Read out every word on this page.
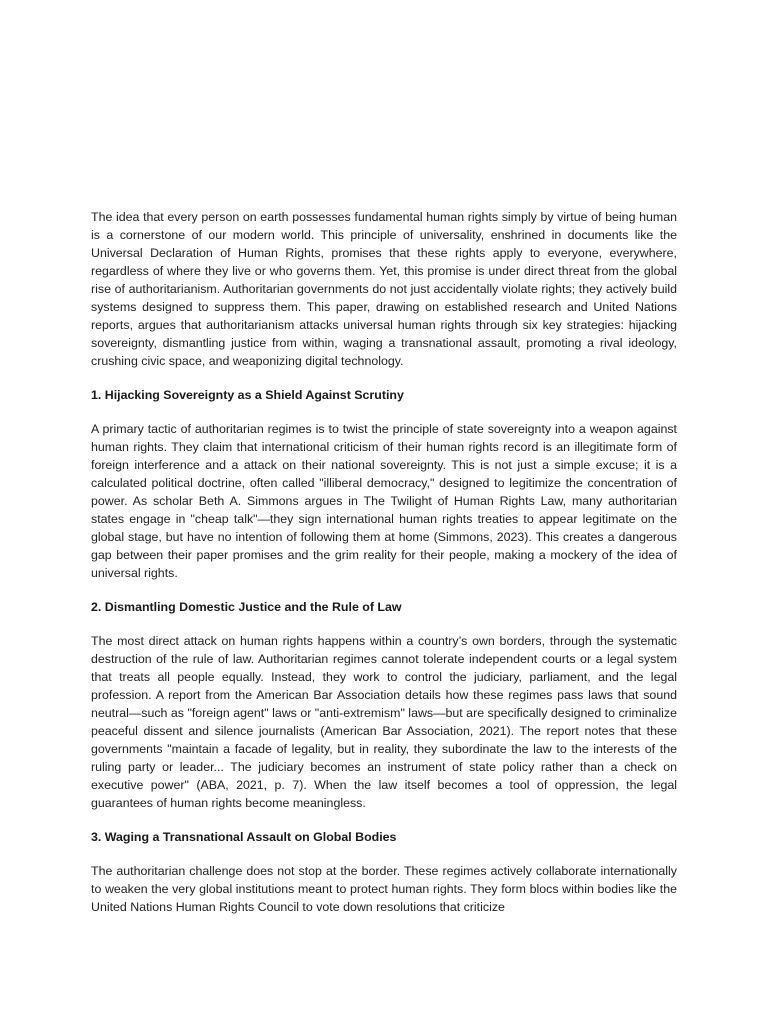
The idea that every person on earth possesses fundamental human rights simply by virtue of being human is a cornerstone of our modern world. This principle of universality, enshrined in documents like the Universal Declaration of Human Rights, promises that these rights apply to everyone, everywhere, regardless of where they live or who governs them. Yet, this promise is under direct threat from the global rise of authoritarianism. Authoritarian governments do not just accidentally violate rights; they actively build systems designed to suppress them. This paper, drawing on established research and United Nations reports, argues that authoritarianism attacks universal human rights through six key strategies: hijacking sovereignty, dismantling justice from within, waging a transnational assault, promoting a rival ideology, crushing civic space, and weaponizing digital technology.

1. Hijacking Sovereignty as a Shield Against Scrutiny

A primary tactic of authoritarian regimes is to twist the principle of state sovereignty into a weapon against human rights. They claim that international criticism of their human rights record is an illegitimate form of foreign interference and a attack on their national sovereignty. This is not just a simple excuse; it is a calculated political doctrine, often called "illiberal democracy," designed to legitimize the concentration of power. As scholar Beth A. Simmons argues in The Twilight of Human Rights Law, many authoritarian states engage in "cheap talk"—they sign international human rights treaties to appear legitimate on the global stage, but have no intention of following them at home (Simmons, 2023). This creates a dangerous gap between their paper promises and the grim reality for their people, making a mockery of the idea of universal rights.

2. Dismantling Domestic Justice and the Rule of Law

The most direct attack on human rights happens within a country’s own borders, through the systematic destruction of the rule of law. Authoritarian regimes cannot tolerate independent courts or a legal system that treats all people equally. Instead, they work to control the judiciary, parliament, and the legal profession. A report from the American Bar Association details how these regimes pass laws that sound neutral—such as "foreign agent" laws or "anti-extremism" laws—but are specifically designed to criminalize peaceful dissent and silence journalists (American Bar Association, 2021). The report notes that these governments "maintain a facade of legality, but in reality, they subordinate the law to the interests of the ruling party or leader... The judiciary becomes an instrument of state policy rather than a check on executive power" (ABA, 2021, p. 7). When the law itself becomes a tool of oppression, the legal guarantees of human rights become meaningless.

3. Waging a Transnational Assault on Global Bodies

The authoritarian challenge does not stop at the border. These regimes actively collaborate internationally to weaken the very global institutions meant to protect human rights. They form blocs within bodies like the United Nations Human Rights Council to vote down resolutions that criticize
